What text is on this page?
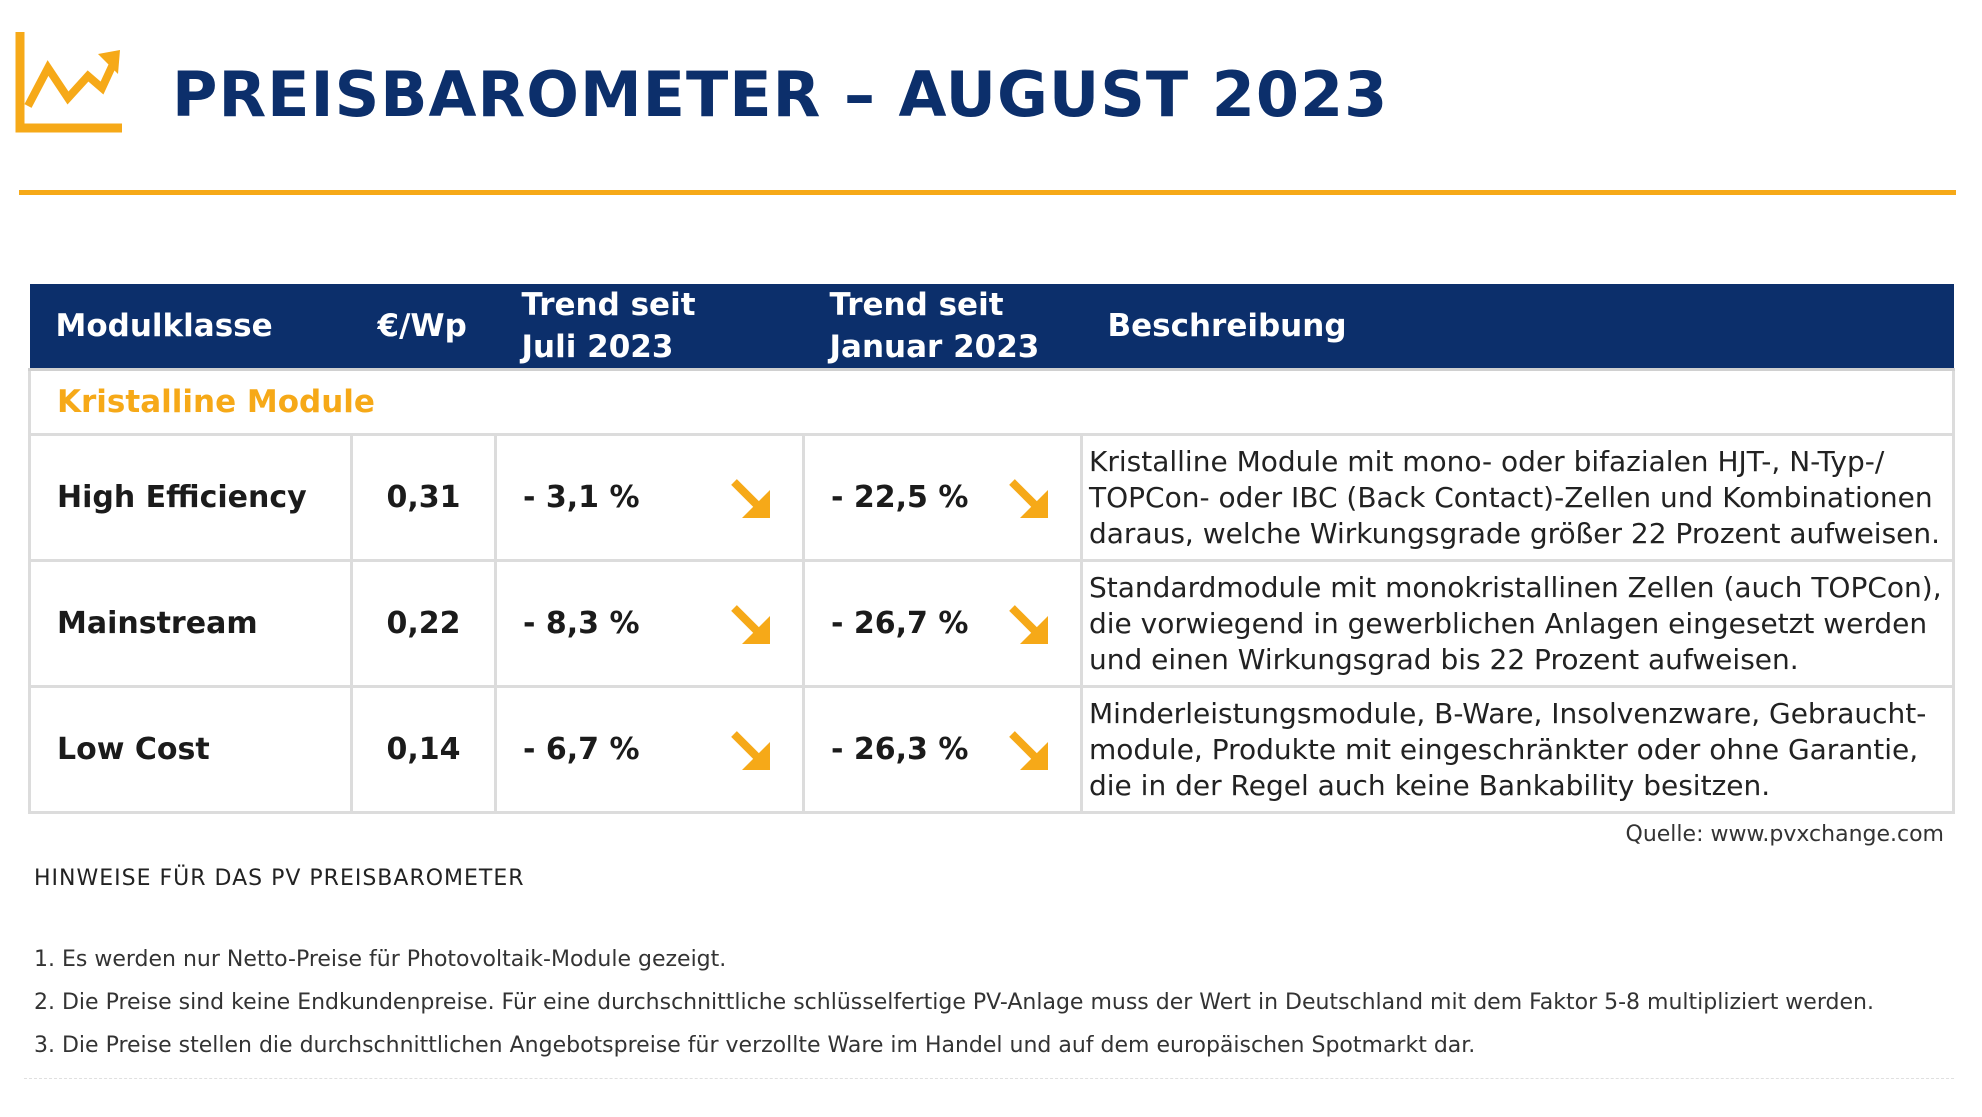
PREISBAROMETER – AUGUST 2023
Modulklasse	€/Wp	Trend seit Juli 2023	Trend seit Januar 2023	Beschreibung
Kristalline Module				
High Efficiency	0,31	- 3,1 %	- 22,5 %	Kristalline Module mit mono- oder bifazialen HJT-, N-Typ-/ TOPCon- oder IBC (Back Contact)-Zellen und Kombinationen daraus, welche Wirkungsgrade größer 22 Prozent aufweisen.
Mainstream	0,22	- 8,3 %	- 26,7 %	Standardmodule mit monokristallinen Zellen (auch TOPCon), die vorwiegend in gewerblichen Anlagen eingesetzt werden und einen Wirkungsgrad bis 22 Prozent aufweisen.
Low Cost	0,14	- 6,7 %	- 26,3 %	Minderleistungsmodule, B-Ware, Insolvenzware, Gebraucht-module, Produkte mit eingeschränkter oder ohne Garantie, die in der Regel auch keine Bankability besitzen.
Quelle: www.pvxchange.com
HINWEISE FÜR DAS PV PREISBAROMETER
1. Es werden nur Netto-Preise für Photovoltaik-Module gezeigt.
2. Die Preise sind keine Endkundenpreise. Für eine durchschnittliche schlüsselfertige PV-Anlage muss der Wert in Deutschland mit dem Faktor 5-8 multipliziert werden.
3. Die Preise stellen die durchschnittlichen Angebotspreise für verzollte Ware im Handel und auf dem europäischen Spotmarkt dar.
